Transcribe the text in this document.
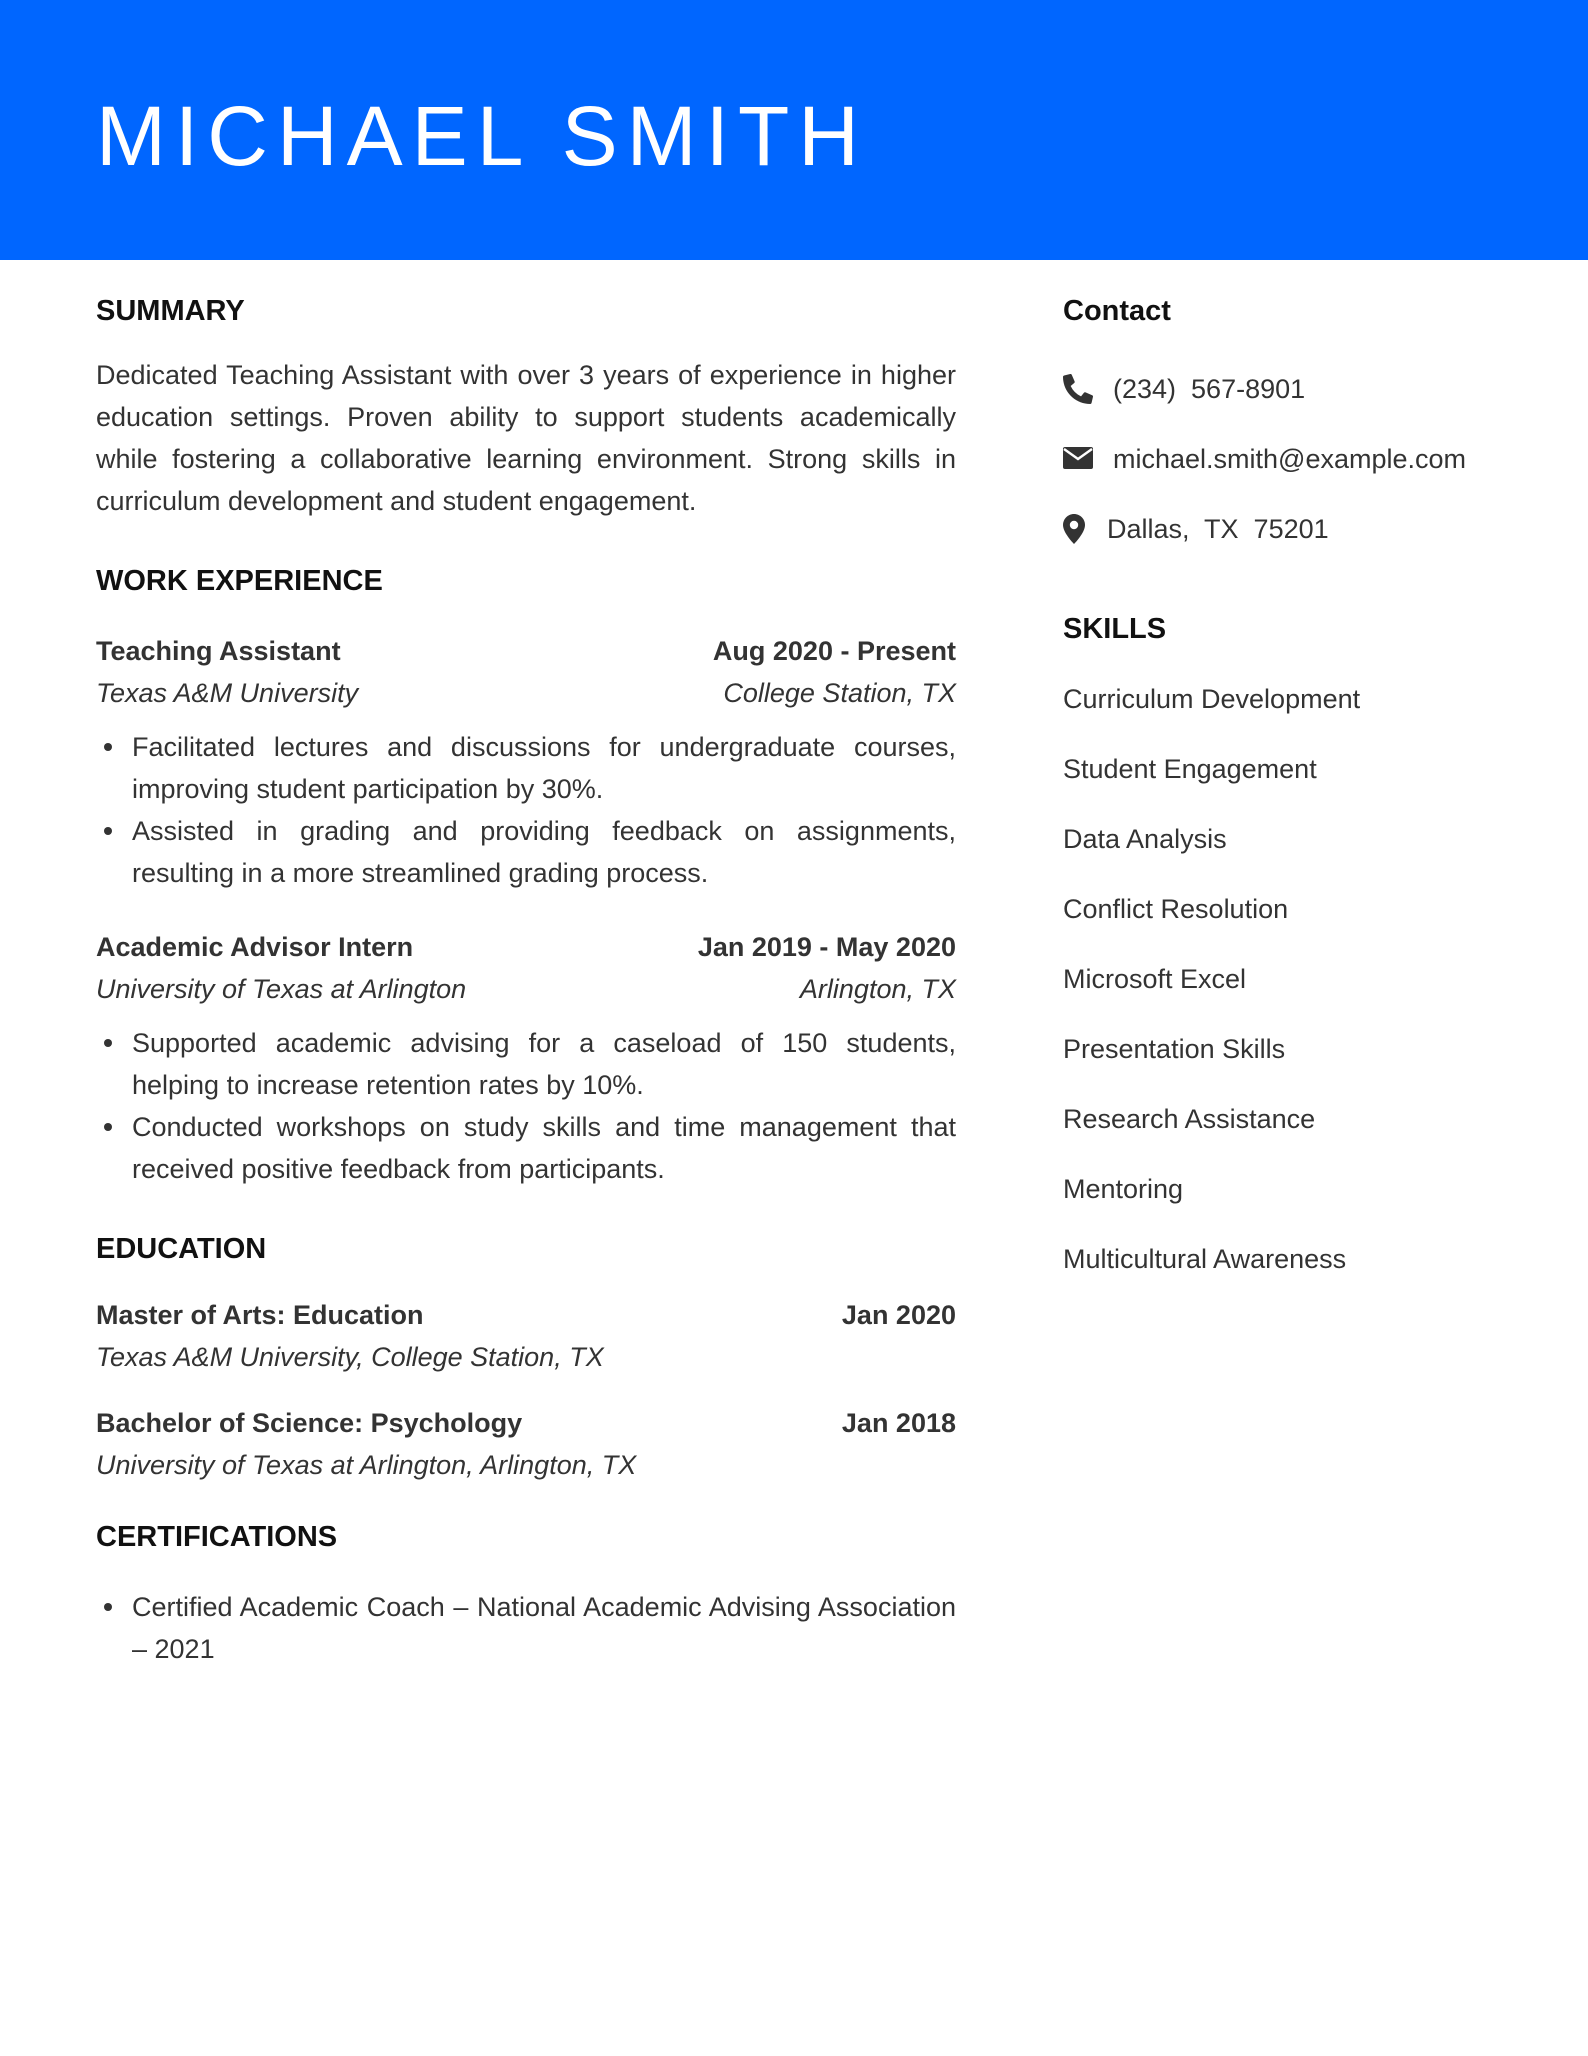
MICHAEL SMITH
SUMMARY

Dedicated Teaching Assistant with over 3 years of experience in higher education settings. Proven ability to support students academically while fostering a collaborative learning environment. Strong skills in curriculum development and student engagement.

WORK EXPERIENCE
Teaching Assistant	Aug 2020 - Present
Texas A&M University	College Station, TX
Facilitated lectures and discussions for undergraduate courses, improving student participation by 30%.
Assisted in grading and providing feedback on assignments, resulting in a more streamlined grading process.
Academic Advisor Intern	Jan 2019 - May 2020
University of Texas at Arlington	Arlington, TX
Supported academic advising for a caseload of 150 students, helping to increase retention rates by 10%.
Conducted workshops on study skills and time management that received positive feedback from participants.
EDUCATION
Master of Arts: Education	Jan 2020
Texas A&M University, College Station, TX
Bachelor of Science: Psychology	Jan 2018
University of Texas at Arlington, Arlington, TX
CERTIFICATIONS
Certified Academic Coach – National Academic Advising Association – 2021
Contact

(234)  567-8901

michael.smith@example.com

Dallas,  TX  75201
SKILLS
Curriculum Development
Student Engagement
Data Analysis
Conflict Resolution
Microsoft Excel
Presentation Skills
Research Assistance
Mentoring
Multicultural Awareness
